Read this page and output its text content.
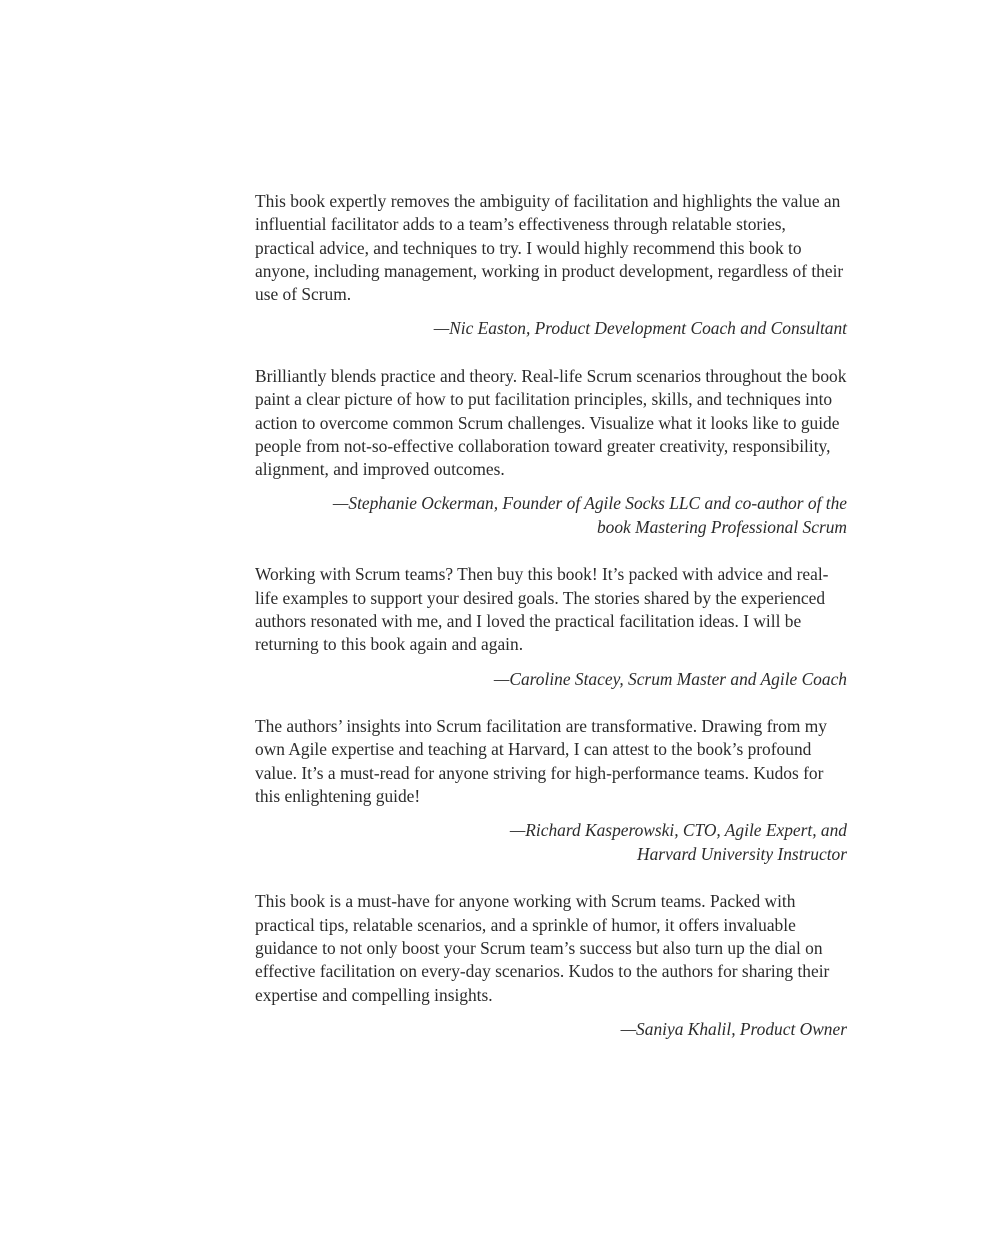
This book expertly removes the ambiguity of facilitation and highlights the value an influential facilitator adds to a team’s effectiveness through relatable stories, practical advice, and techniques to try. I would highly recommend this book to anyone, including management, working in product development, regardless of their use of Scrum.

—Nic Easton, Product Development Coach and Consultant

Brilliantly blends practice and theory. Real-life Scrum scenarios throughout the book paint a clear picture of how to put facilitation principles, skills, and techniques into action to overcome common Scrum challenges. Visualize what it looks like to guide people from not-so-effective collaboration toward greater creativity, responsibility, alignment, and improved outcomes.

—Stephanie Ockerman, Founder of Agile Socks LLC and co-author of the
book Mastering Professional Scrum

Working with Scrum teams? Then buy this book! It’s packed with advice and real-life examples to support your desired goals. The stories shared by the experienced authors resonated with me, and I loved the practical facilitation ideas. I will be returning to this book again and again.

—Caroline Stacey, Scrum Master and Agile Coach

The authors’ insights into Scrum facilitation are transformative. Drawing from my own Agile expertise and teaching at Harvard, I can attest to the book’s profound value. It’s a must-read for anyone striving for high-performance teams. Kudos for this enlightening guide!

—Richard Kasperowski, CTO, Agile Expert, and
Harvard University Instructor

This book is a must-have for anyone working with Scrum teams. Packed with practical tips, relatable scenarios, and a sprinkle of humor, it offers invaluable guidance to not only boost your Scrum team’s success but also turn up the dial on effective facilitation on every-day scenarios. Kudos to the authors for sharing their expertise and compelling insights.

—Saniya Khalil, Product Owner
